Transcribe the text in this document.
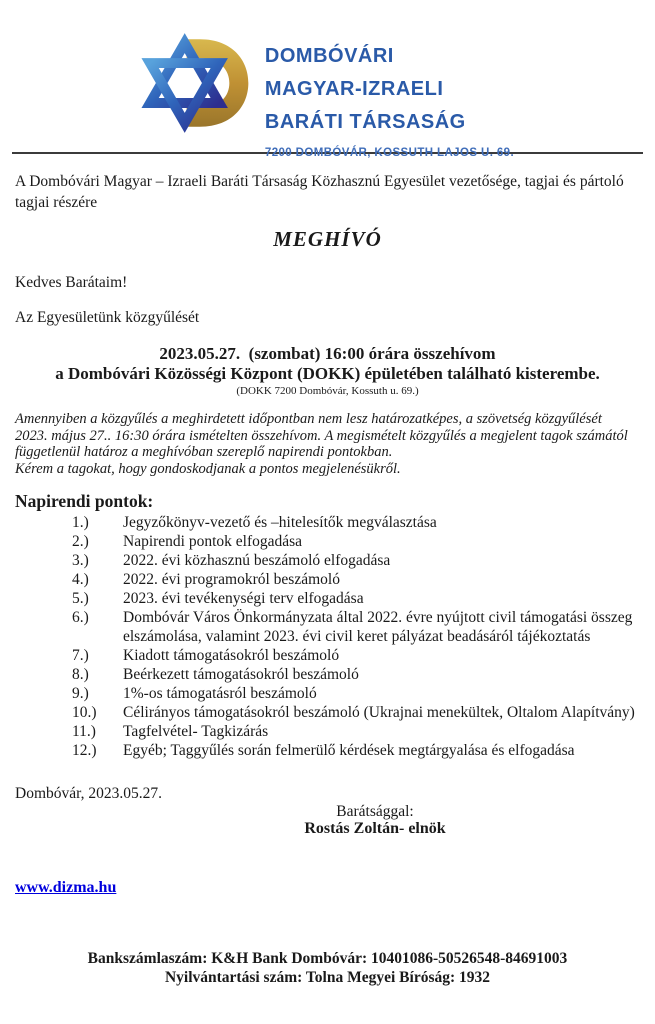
DOMBÓVÁRI
MAGYAR-IZRAELI
BARÁTI TÁRSASÁG
7200 DOMBÓVÁR, KOSSUTH LAJOS U. 69.

A Dombóvári Magyar – Izraeli Baráti Társaság Közhasznú Egyesület vezetősége, tagjai és pártoló tagjai részére

MEGHÍVÓ
Kedves Barátaim!
Az Egyesületünk közgyűlését
2023.05.27.  (szombat) 16:00 órára összehívom
a Dombóvári Közösségi Központ (DOKK) épületében található kisterembe.
(DOKK 7200 Dombóvár, Kossuth u. 69.)

Amennyiben a közgyűlés a meghirdetett időpontban nem lesz határozatképes, a szövetség közgyűlését 2023. május 27.. 16:30 órára ismételten összehívom. A megismételt közgyűlés a megjelent tagok számától függetlenül határoz a meghívóban szereplő napirendi pontokban.

Kérem a tagokat, hogy gondoskodjanak a pontos megjelenésükről.

Napirendi pontok:
1.)	Jegyzőkönyv-vezető és –hitelesítők megválasztása
2.)	Napirendi pontok elfogadása
3.)	2022. évi közhasznú beszámoló elfogadása
4.)	2022. évi programokról beszámoló
5.)	2023. évi tevékenységi terv elfogadása
6.)	Dombóvár Város Önkormányzata által 2022. évre nyújtott civil támogatási összeg elszámolása, valamint 2023. évi civil keret pályázat beadásáról tájékoztatás
7.)	Kiadott támogatásokról beszámoló
8.)	Beérkezett támogatásokról beszámoló
9.)	1%-os támogatásról beszámoló
10.)	Célirányos támogatásokról beszámoló (Ukrajnai menekültek, Oltalom Alapítvány)
11.)	Tagfelvétel- Tagkizárás
12.)	Egyéb; Taggyűlés során felmerülő kérdések megtárgyalása és elfogadása
Dombóvár, 2023.05.27.
Barátsággal:
Rostás Zoltán- elnök
www.dizma.hu
Bankszámlaszám: K&H Bank Dombóvár: 10401086-50526548-84691003
Nyilvántartási szám: Tolna Megyei Bíróság: 1932
